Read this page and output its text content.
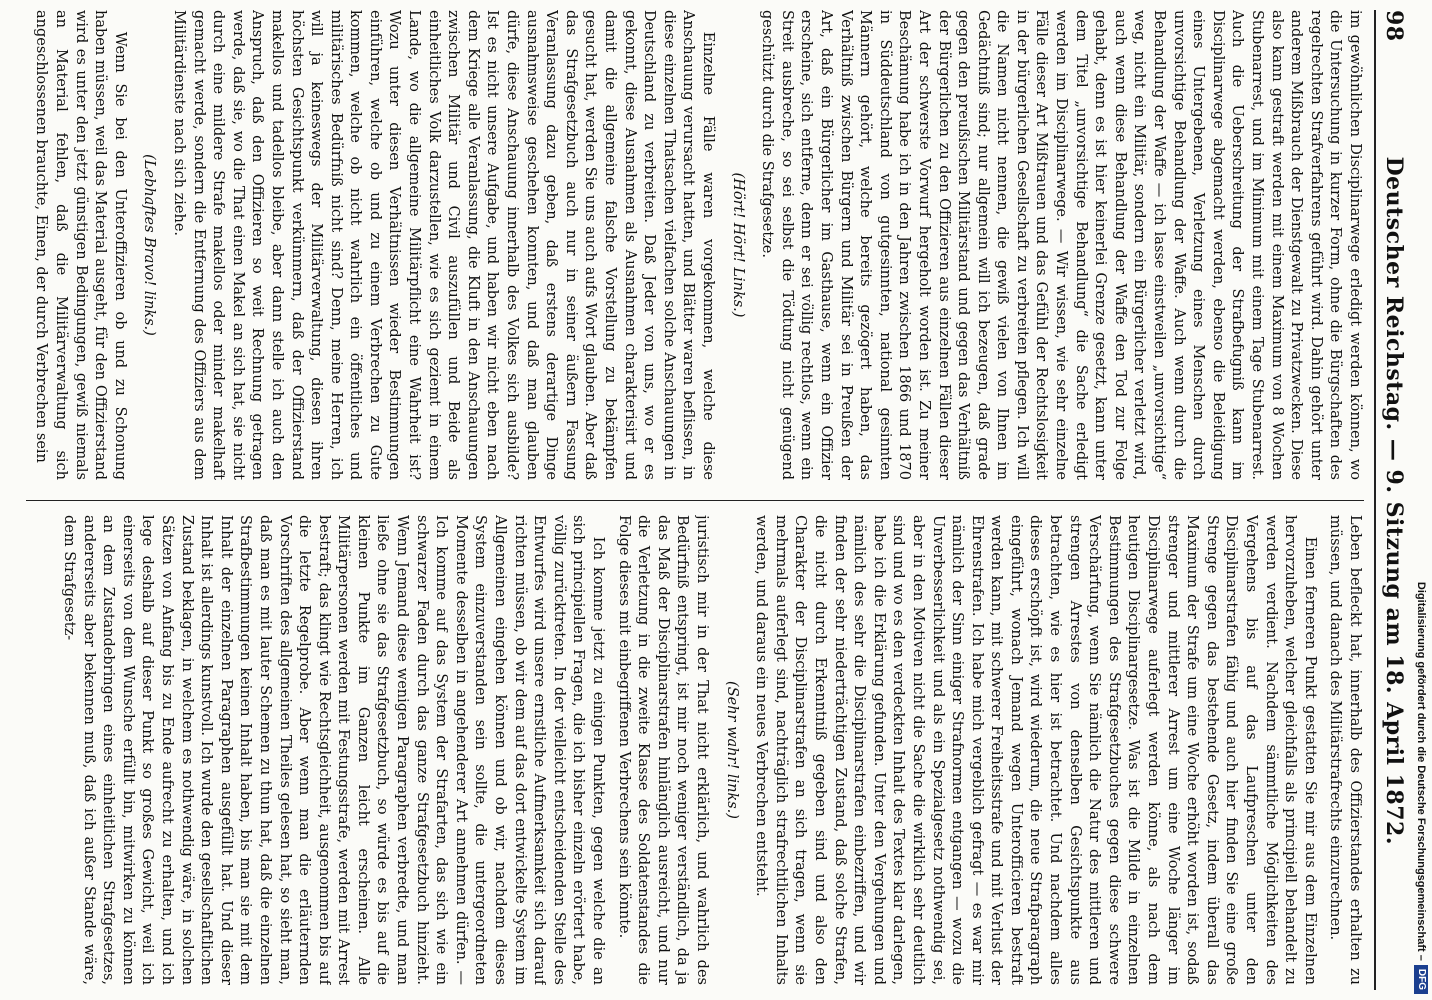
98
Deutscher Reichstag. — 9. Sitzung am 18. April 1872.

im gewöhnlichen Disciplinarwege erledigt werden können, wo die Untersuchung in kurzer Form, ohne die Bürgschaften des regelrechten Strafverfahrens geführt wird. Dahin gehört unter anderem Mißbrauch der Dienstgewalt zu Privatzwecken. Diese also kann gestraft werden mit einem Maximum von 8 Wochen Stubenarrest, und im Minimum mit einem Tage Stubenarrest. Auch die Ueberschreitung der Strafbefugniß kann im Disciplinarwege abgemacht werden, ebenso die Beleidigung eines Untergebenen, Verletzung eines Menschen durch unvorsichtige Behandlung der Waffe. Auch wenn durch die Behandlung der Waffe — ich lasse einstweilen „unvorsichtige“ weg, nicht ein Militär, sondern ein Bürgerlicher verletzt wird, auch wenn diese Behandlung der Waffe den Tod zur Folge gehabt, denn es ist hier keinerlei Grenze gesetzt, kann unter dem Titel „unvorsichtige Behandlung“ die Sache erledigt werden im Disciplinarwege. — Wir wissen, wie sehr einzelne Fälle dieser Art Mißtrauen und das Gefühl der Rechtslosigkeit in der bürgerlichen Gesellschaft zu verbreiten pflegen. Ich will die Namen nicht nennen, die gewiß vielen von Ihnen im Gedächtniß sind; nur allgemein will ich bezeugen, daß grade gegen den preußischen Militärstand und gegen das Verhältniß der Bürgerlichen zu den Offizieren aus einzelnen Fällen dieser Art der schwerste Vorwurf hergeholt worden ist. Zu meiner Beschämung habe ich in den Jahren zwischen 1866 und 1870 in Süddeutschland von gutgesinnten, national gesinnten Männern gehört, welche bereits gezögert haben, das Verhältniß zwischen Bürgern und Militär sei in Preußen der Art, daß ein Bürgerlicher im Gasthause, wenn ein Offizier erscheine, sich entferne, denn er sei völlig rechtlos, wenn ein Streit ausbreche, so sei selbst die Tödtung nicht genügend geschützt durch die Strafgesetze.

(Hört! Hört! Links.)

Einzelne Fälle waren vorgekommen, welche diese Anschauung verursacht hatten, und Blätter waren beflissen, in diese einzelnen Thatsachen vielfachen solche Anschauungen in Deutschland zu verbreiten. Daß Jeder von uns, wo er es gekonnt, diese Ausnahmen als Ausnahmen charakterisirt und damit die allgemeine falsche Vorstellung zu bekämpfen gesucht hat, werden Sie uns auch aufs Wort glauben. Aber daß das Strafgesetzbuch auch nur in seiner äußern Fassung Veranlassung dazu geben, daß erstens derartige Dinge ausnahmsweise geschehen konnten, und daß man glauben dürfe, diese Anschauung innerhalb des Volkes sich ausbilde? Ist es nicht unsere Aufgabe, und haben wir nicht eben nach dem Kriege alle Veranlassung, die Kluft in den Anschauungen zwischen Militär und Civil auszufüllen und Beide als einheitliches Volk darzustellen, wie es sich geziemt in einem Lande, wo die allgemeine Militärpflicht eine Wahrheit ist? Wozu unter diesen Verhältnissen wieder Bestimmungen einführen, welche ob und zu einem Verbrechen zu Gute kommen, welche ob nicht wahrlich ein öffentliches und militärisches Bedürfniß nicht sind? Denn, meine Herren, ich will ja keineswegs der Militärverwaltung, diesen ihren höchsten Gesichtspunkt verkümmern, daß der Offizierstand makellos und tadellos bleibe, aber dann stelle ich auch den Anspruch, daß den Offizieren so weit Rechnung getragen werde, daß sie, wo die That einen Makel an sich hat, sie nicht durch eine mildere Strafe makellos oder minder makelhaft gemacht werde, sondern die Entfernung des Offiziers aus dem Militärdienste nach sich ziehe.

(Lebhaftes Bravo! links.)

Wenn Sie bei den Unteroffizieren ob und zu Schonung haben müssen, weil das Material ausgeht, für den Offizierstand wird es unter den jetzt günstigen Bedingungen, gewiß niemals an Material fehlen, daß die Militärverwaltung sich angeschlossenen brauchte, Einen, der durch Verbrechen sein

Leben befleckt hat, innerhalb des Offizierstandes erhalten zu müssen, und danach des Militärstrafrechts einzurechnen.

Einen ferneren Punkt gestatten Sie mir aus dem Einzelnen hervorzuheben, welcher gleichfalls als principiell behandelt zu werden verdient. Nachdem sämmtliche Möglichkeiten des Vergehens bis auf das Laufpreschen unter den Disciplinarstrafen fähig und auch hier finden Sie eine große Strenge gegen das bestehende Gesetz, indem überall das Maximum der Strafe um eine Woche erhöht worden ist, sodaß strenger und mittlerer Arrest um eine Woche länger im Disciplinarwege auferlegt werden könne, als nach dem heutigen Disciplinargesetze. Was ist die Milde in einzelnen Bestimmungen des Strafgesetzbuches gegen diese schwere Verschärfung, wenn Sie nämlich die Natur des mittleren und strengen Arrestes von denselben Gesichtspunkte aus betrachten, wie es hier ist betrachtet. Und nachdem alles dieses erschöpft ist, wird wiederum, die neue Strafparagraph eingeführt, wonach Jemand wegen Unterofficieren bestraft werden kann, mit schwerer Freiheitsstrafe und mit Verlust der Ehrenstrafen. Ich habe mich vergeblich gefragt — es war mir nämlich der Sinn einiger Strafnormen entgangen — wozu die Unverbesserlichkeit und als ein Spezialgesetz nothwendig sei, aber in den Motiven nicht die Sache die wirklich sehr deutlich sind und wo es den verdeckten Inhalt des Textes klar darlegen, habe ich die Erklärung gefunden. Unter den Vergehungen und nämlich des sehr die Disciplinarstrafen einbezriffen, und wir finden der sehr niederträchtigen Zustand, daß solche Strafen, die nicht durch Erkenntniß gegeben sind und also den Charakter der Disciplinarstrafen an sich tragen, wenn sie mehrmals auferlegt sind, nachträglich strafrechtlichen Inhalts werden, und daraus ein neues Verbrechen entsteht.

(Sehr wahr! links.)

juristisch mir in der That nicht erklärlich, und wahrlich des Bedürfniß entspringt, ist mir noch weniger verständlich, da ja das Maß der Disciplinarstrafen hinlänglich ausreicht, und nur die Verletzung in die zweite Klasse des Soldatenstandes die Folge dieses mit einbegriffenen Verbrechens sein könnte.

Ich komme jetzt zu einigen Punkten, gegen welche die an sich principiellen Fragen, die ich bisher einzeln erörtert habe, völlig zurücktreten. In der vielleicht entscheidenden Stelle des Entwurfes wird unsere ernstliche Aufmerksamkeit sich darauf richten müssen, ob wir dem auf das dort entwickelte System im Allgemeinen eingehen können und ob wir, nachdem dieses System einzuverstanden sein sollte, die untergeordneten Momente desselben in angehenderer Art annehmen dürfen. — Ich komme auf das System der Strafarten, das sich wie ein schwarzer Faden durch das ganze Strafgesetzbuch hinzieht. Wenn Jemand diese wenigen Paragraphen verbredte, und man ließe ohne sie das Strafgesetzbuch, so würde es bis auf die kleinen Punkte im Ganzen leicht erscheinen. Alle Militärpersonen werden mit Festungsstrafe, werden mit Arrest bestraft; das klingt wie Rechtsgleichheit, ausgenommen bis auf die letzte Regelprobe. Aber wenn man die erläuternden Vorschriften des allgemeinen Theiles gelesen hat, so sieht man, daß man es mit lauter Schemen zu thun hat, daß die einzelnen Strafbestimmungen keinen Inhalt haben, bis man sie mit dem Inhalt der einzelnen Paragraphen ausgefüllt hat. Und dieser Inhalt ist allerdings kunstvoll. Ich wurde den gesellschaftlichen Zustand beklagen, in welchem es nothwendig wäre, in solchen Sätzen von Anfang bis zu Ende aufrecht zu erhalten, und ich lege deshalb auf dieser Punkt so großes Gewicht, weil ich einerseits von dem Wunsche erfüllt bin, mitwirken zu können an dem Zustandebringen eines einheitlichen Strafgesetzes, andererseits aber bekennen muß, daß ich außer Stande wäre, dem Strafgesetz-

Digitalisierung gefördert durch die Deutsche Forschungsgemeinschaft –
DFG
